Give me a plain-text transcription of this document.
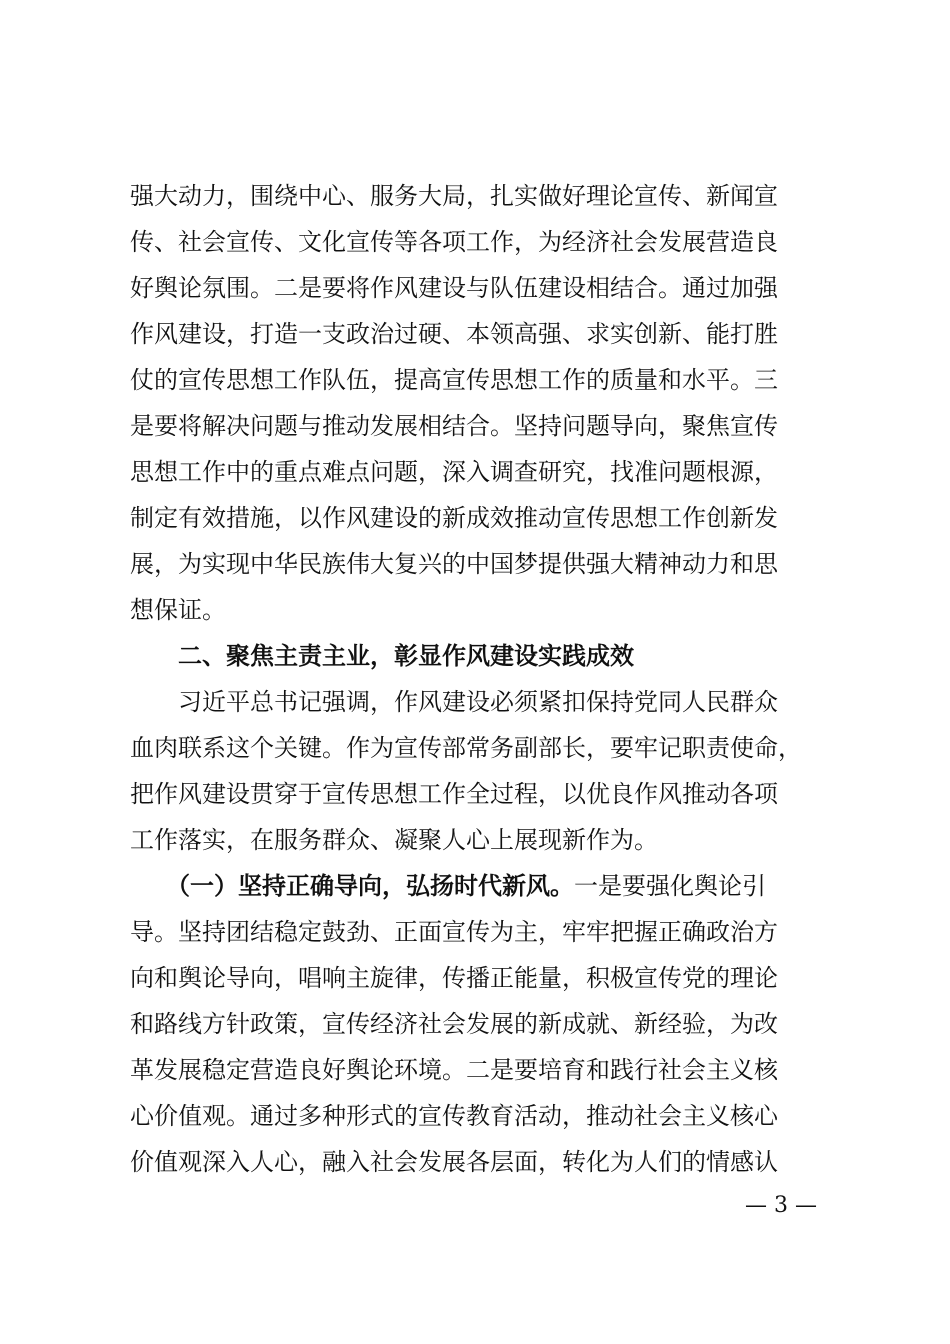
强大动力，围绕中心、服务大局，扎实做好理论宣传、新闻宣
传、社会宣传、文化宣传等各项工作，为经济社会发展营造良
好舆论氛围。二是要将作风建设与队伍建设相结合。通过加强
作风建设，打造一支政治过硬、本领高强、求实创新、能打胜
仗的宣传思想工作队伍，提高宣传思想工作的质量和水平。三
是要将解决问题与推动发展相结合。坚持问题导向，聚焦宣传
思想工作中的重点难点问题，深入调查研究，找准问题根源，
制定有效措施，以作风建设的新成效推动宣传思想工作创新发
展，为实现中华民族伟大复兴的中国梦提供强大精神动力和思
想保证。
　　二、聚焦主责主业，彰显作风建设实践成效
　　习近平总书记强调，作风建设必须紧扣保持党同人民群众
血肉联系这个关键。作为宣传部常务副部长，要牢记职责使命，
把作风建设贯穿于宣传思想工作全过程，以优良作风推动各项
工作落实，在服务群众、凝聚人心上展现新作为。
　　（一）坚持正确导向，弘扬时代新风。一是要强化舆论引
导。坚持团结稳定鼓劲、正面宣传为主，牢牢把握正确政治方
向和舆论导向，唱响主旋律，传播正能量，积极宣传党的理论
和路线方针政策，宣传经济社会发展的新成就、新经验，为改
革发展稳定营造良好舆论环境。二是要培育和践行社会主义核
心价值观。通过多种形式的宣传教育活动，推动社会主义核心
价值观深入人心，融入社会发展各层面，转化为人们的情感认
— 3 —
